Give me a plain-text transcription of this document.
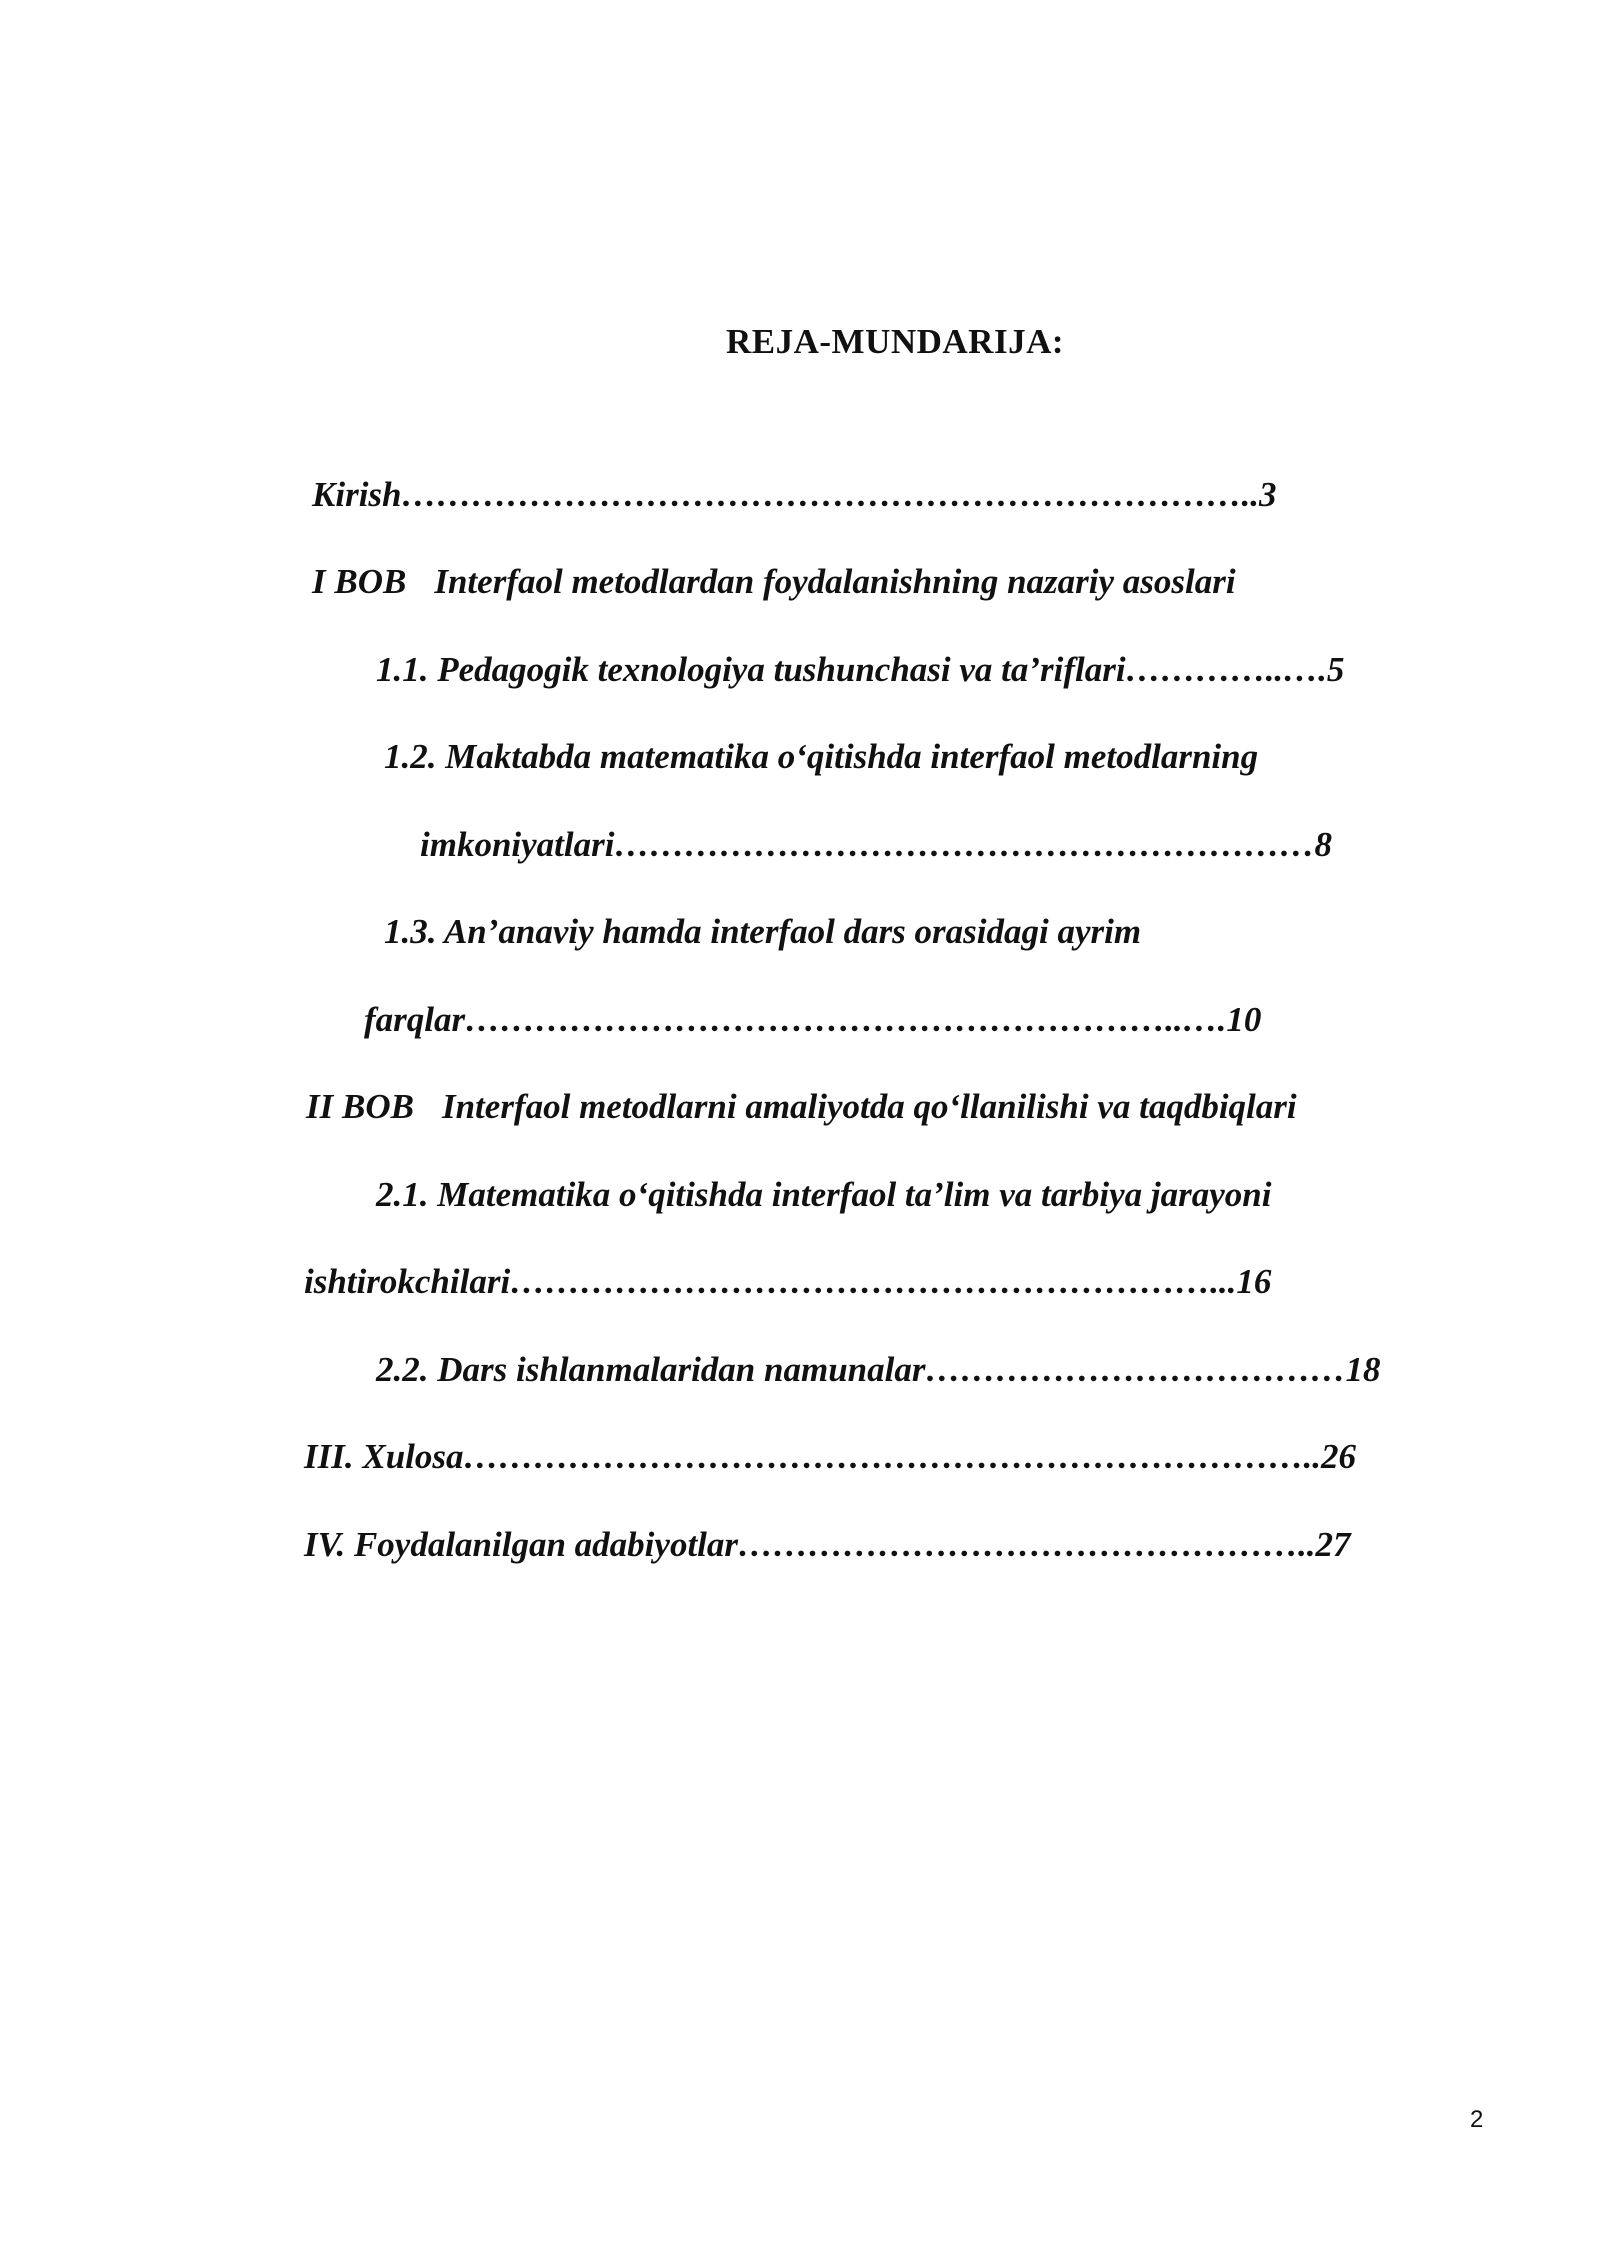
REJA-MUNDARIJA:
Kirish………………………………………………………………..3
I BOB Interfaol metodlardan foydalanishning nazariy asoslari
1.1. Pedagogik texnologiya tushunchasi va ta’riflari…………..….5
1.2. Maktabda matematika o‘qitishda interfaol metodlarning
imkoniyatlari……………………………………………………8
1.3. An’anaviy hamda interfaol dars orasidagi ayrim
farqlar……………………………………………………..….10
II BOB Interfaol metodlarni amaliyotda qo‘llanilishi va taqdbiqlari
2.1. Matematika o‘qitishda interfaol ta’lim va tarbiya jarayoni
ishtirokchilari……………………………………………………...16
2.2. Dars ishlanmalaridan namunalar………………………………18
III. Xulosa………………………………………………………………..26
IV. Foydalanilgan adabiyotlar…………………………………………..27
2
